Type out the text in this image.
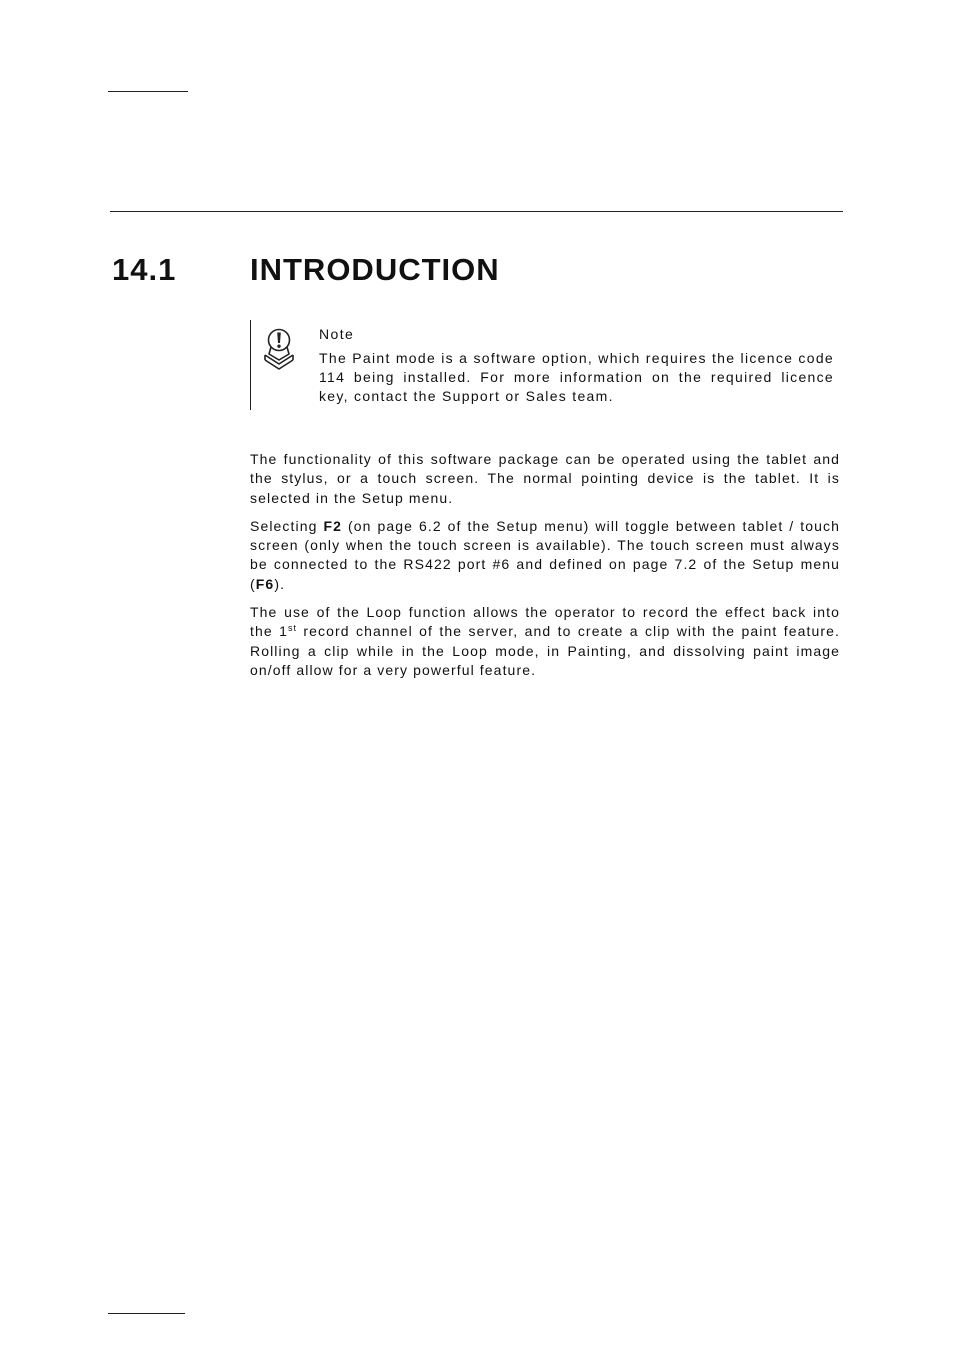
14.1 INTRODUCTION
Note
The Paint mode is a software option, which requires the licence code 114 being installed. For more information on the required licence key, contact the Support or Sales team.

The functionality of this software package can be operated using the tablet and the stylus, or a touch screen. The normal pointing device is the tablet. It is selected in the Setup menu.

Selecting F2 (on page 6.2 of the Setup menu) will toggle between tablet / touch screen (only when the touch screen is available). The touch screen must always be connected to the RS422 port #6 and defined on page 7.2 of the Setup menu (F6).

The use of the Loop function allows the operator to record the effect back into the 1st record channel of the server, and to create a clip with the paint feature. Rolling a clip while in the Loop mode, in Painting, and dissolving paint image on/off allow for a very powerful feature.
